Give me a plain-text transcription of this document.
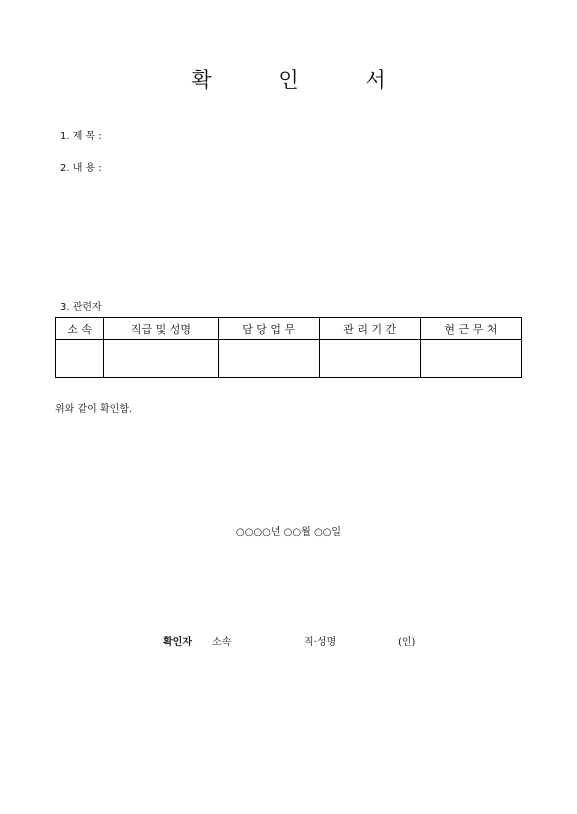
확	인	서
1. 제 목 :
2. 내 용 :
3. 관련자
소 속	직급 및 성명	담 당 업 무	관 리 기 간	현 근 무 처

위와 같이 확인함.
○○○○년 ○○월 ○○일
확인자 소속	직·성명	(인)
